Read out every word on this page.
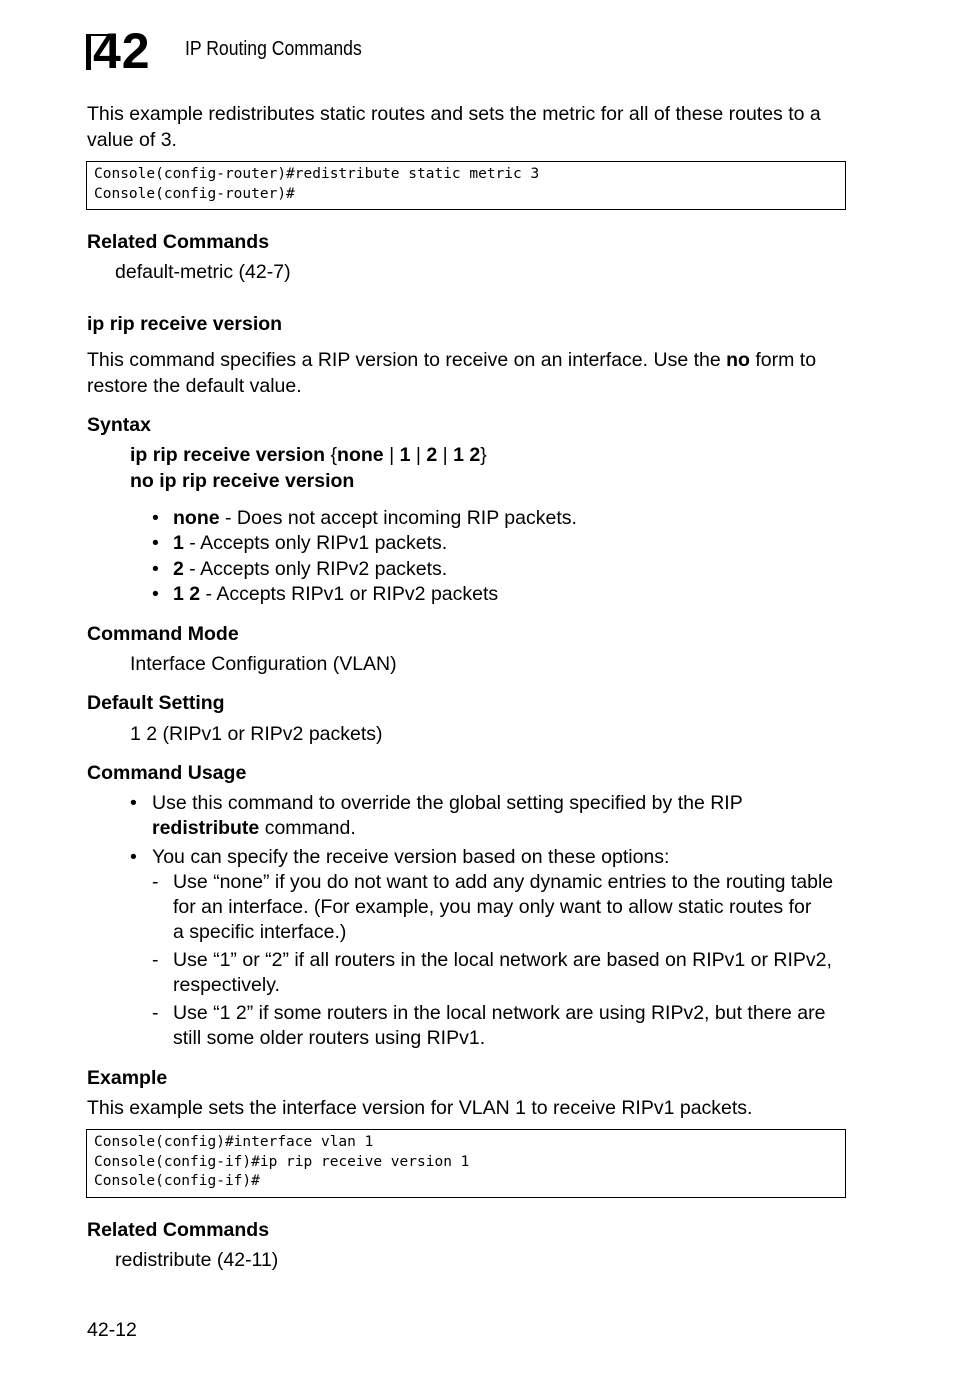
42 IP Routing Commands
This example redistributes static routes and sets the metric for all of these routes to a value of 3.
Console(config-router)#redistribute static metric 3
Console(config-router)#
Related Commands
default-metric (42-7)
ip rip receive version
This command specifies a RIP version to receive on an interface. Use the no form to restore the default value.
Syntax
ip rip receive version {none | 1 | 2 | 1 2}
no ip rip receive version
• none - Does not accept incoming RIP packets.
• 1 - Accepts only RIPv1 packets.
• 2 - Accepts only RIPv2 packets.
• 1 2 - Accepts RIPv1 or RIPv2 packets
Command Mode
Interface Configuration (VLAN)
Default Setting
1 2 (RIPv1 or RIPv2 packets)
Command Usage
• Use this command to override the global setting specified by the RIP
redistribute command.
• You can specify the receive version based on these options:
- Use “none” if you do not want to add any dynamic entries to the routing table
for an interface. (For example, you may only want to allow static routes for
a specific interface.)
- Use “1” or “2” if all routers in the local network are based on RIPv1 or RIPv2,
respectively.
- Use “1 2” if some routers in the local network are using RIPv2, but there are
still some older routers using RIPv1.
Example
This example sets the interface version for VLAN 1 to receive RIPv1 packets.
Console(config)#interface vlan 1
Console(config-if)#ip rip receive version 1
Console(config-if)#
Related Commands
redistribute (42-11)
42-12
